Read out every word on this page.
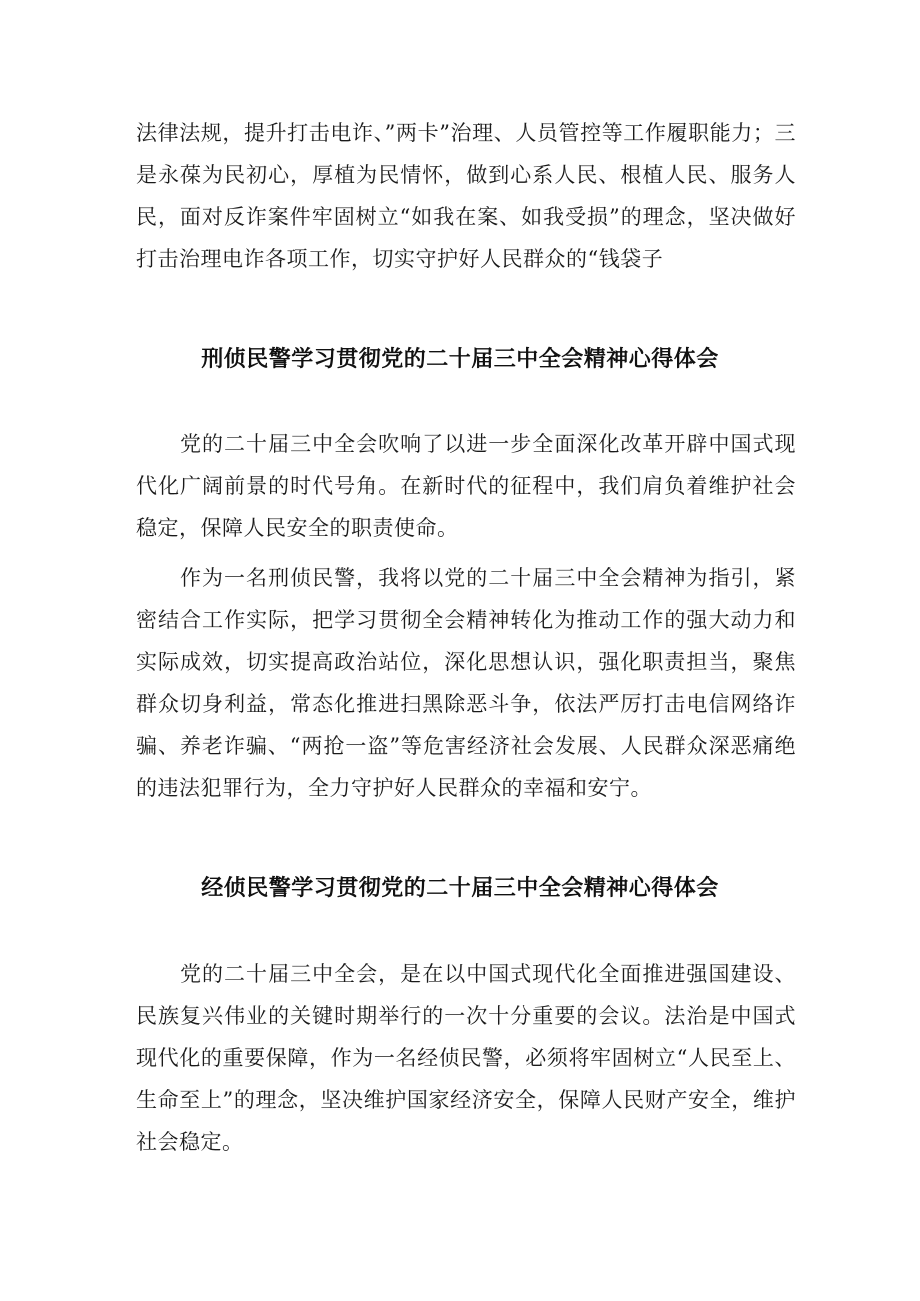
法律法规，提升打击电诈、”两卡”治理、人员管控等工作履职能力；三是永葆为民初心，厚植为民情怀，做到心系人民、根植人民、服务人民，面对反诈案件牢固树立“如我在案、如我受损”的理念，坚决做好打击治理电诈各项工作，切实守护好人民群众的“钱袋子

刑侦民警学习贯彻党的二十届三中全会精神心得体会

党的二十届三中全会吹响了以进一步全面深化改革开辟中国式现代化广阔前景的时代号角。在新时代的征程中，我们肩负着维护社会稳定，保障人民安全的职责使命。

作为一名刑侦民警，我将以党的二十届三中全会精神为指引，紧密结合工作实际，把学习贯彻全会精神转化为推动工作的强大动力和实际成效，切实提高政治站位，深化思想认识，强化职责担当，聚焦群众切身利益，常态化推进扫黑除恶斗争，依法严厉打击电信网络诈骗、养老诈骗、“两抢一盗”等危害经济社会发展、人民群众深恶痛绝的违法犯罪行为，全力守护好人民群众的幸福和安宁。

经侦民警学习贯彻党的二十届三中全会精神心得体会

党的二十届三中全会，是在以中国式现代化全面推进强国建设、民族复兴伟业的关键时期举行的一次十分重要的会议。法治是中国式现代化的重要保障，作为一名经侦民警，必须将牢固树立“人民至上、生命至上”的理念，坚决维护国家经济安全，保障人民财产安全，维护社会稳定。
